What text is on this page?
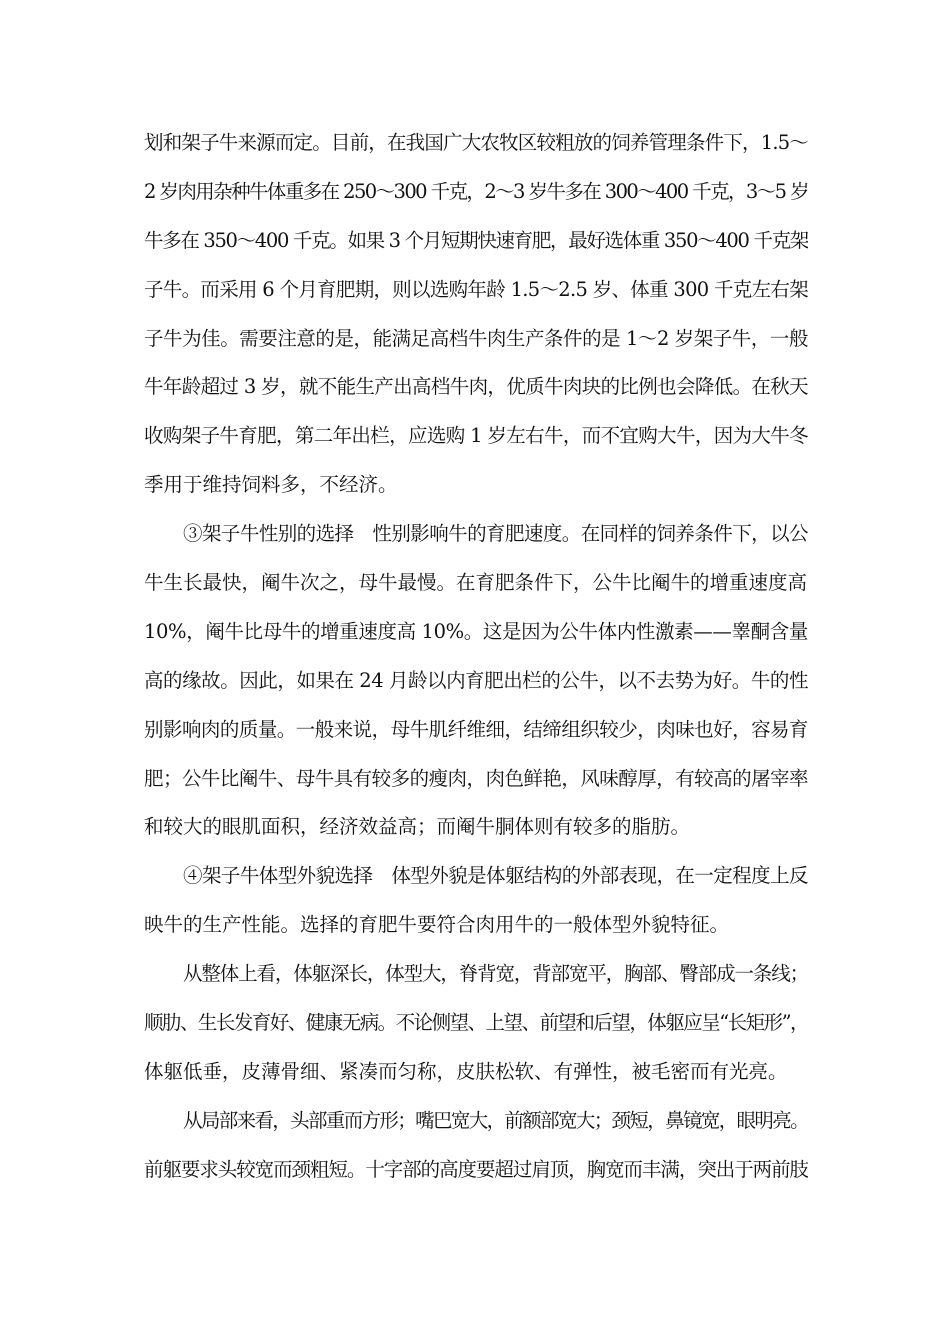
划和架子牛来源而定。目前，在我国广大农牧区较粗放的饲养管理条件下，1.5～
2 岁肉用杂种牛体重多在 250～300 千克，2～3 岁牛多在 300～400 千克，3～5 岁
牛多在 350～400 千克。如果 3 个月短期快速育肥，最好选体重 350～400 千克架
子牛。而采用 6 个月育肥期，则以选购年龄 1.5～2.5 岁、体重 300 千克左右架
子牛为佳。需要注意的是，能满足高档牛肉生产条件的是 1～2 岁架子牛，一般
牛年龄超过 3 岁，就不能生产出高档牛肉，优质牛肉块的比例也会降低。在秋天
收购架子牛育肥，第二年出栏，应选购 1 岁左右牛，而不宜购大牛，因为大牛冬
季用于维持饲料多，不经济。
③架子牛性别的选择　性别影响牛的育肥速度。在同样的饲养条件下，以公
牛生长最快，阉牛次之，母牛最慢。在育肥条件下，公牛比阉牛的增重速度高
10%，阉牛比母牛的增重速度高 10%。这是因为公牛体内性激素——睾酮含量
高的缘故。因此，如果在 24 月龄以内育肥出栏的公牛，以不去势为好。牛的性
别影响肉的质量。一般来说，母牛肌纤维细，结缔组织较少，肉味也好，容易育
肥；公牛比阉牛、母牛具有较多的瘦肉，肉色鲜艳，风味醇厚，有较高的屠宰率
和较大的眼肌面积，经济效益高；而阉牛胴体则有较多的脂肪。
④架子牛体型外貌选择　体型外貌是体躯结构的外部表现，在一定程度上反
映牛的生产性能。选择的育肥牛要符合肉用牛的一般体型外貌特征。
从整体上看，体躯深长，体型大，脊背宽，背部宽平，胸部、臀部成一条线；
顺肋、生长发育好、健康无病。不论侧望、上望、前望和后望，体躯应呈“长矩形”，
体躯低垂，皮薄骨细、紧凑而匀称，皮肤松软、有弹性，被毛密而有光亮。
从局部来看，头部重而方形；嘴巴宽大，前额部宽大；颈短，鼻镜宽，眼明亮。
前躯要求头较宽而颈粗短。十字部的高度要超过肩顶，胸宽而丰满，突出于两前肢
